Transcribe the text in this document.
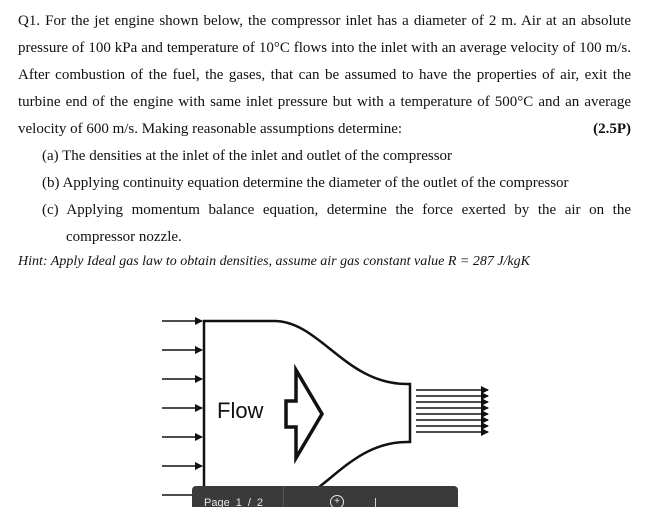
Q1. For the jet engine shown below, the compressor inlet has a diameter of 2 m. Air at an absolute pressure of 100 kPa and temperature of 10°C flows into the inlet with an average velocity of 100 m/s. After combustion of the fuel, the gases, that can be assumed to have the properties of air, exit the turbine end of the engine with same inlet pressure but with a temperature of 500°C and an average velocity of 600 m/s. Making reasonable assumptions determine:	(2.5P)

(a) The densities at the inlet of the inlet and outlet of the compressor
(b) Applying continuity equation determine the diameter of the outlet of the compressor
(c) Applying momentum balance equation, determine the force exerted by the air on the compressor nozzle.
Hint: Apply Ideal gas law to obtain densities, assume air gas constant value R = 287 J/kgK
Flow
Page 1 / 2	+	|
